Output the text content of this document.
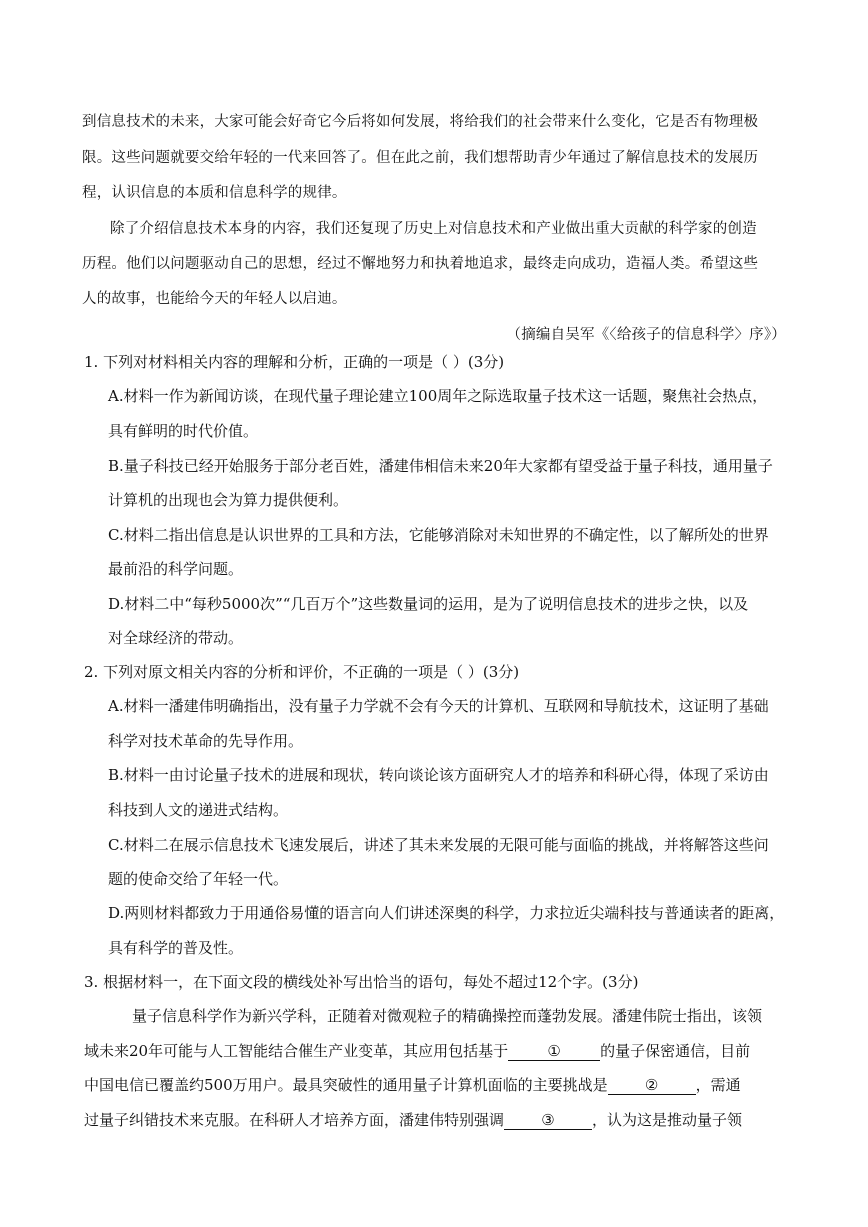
到信息技术的未来，大家可能会好奇它今后将如何发展，将给我们的社会带来什么变化，它是否有物理极
限。这些问题就要交给年轻的一代来回答了。但在此之前，我们想帮助青少年通过了解信息技术的发展历
程，认识信息的本质和信息科学的规律。
除了介绍信息技术本身的内容，我们还复现了历史上对信息技术和产业做出重大贡献的科学家的创造
历程。他们以问题驱动自己的思想，经过不懈地努力和执着地追求，最终走向成功，造福人类。希望这些
人的故事，也能给今天的年轻人以启迪。
（摘编自吴军《〈给孩子的信息科学〉序》）
1. 下列对材料相关内容的理解和分析，正确的一项是（ ）(3分)
A.材料一作为新闻访谈，在现代量子理论建立100周年之际选取量子技术这一话题，聚焦社会热点，
具有鲜明的时代价值。
B.量子科技已经开始服务于部分老百姓，潘建伟相信未来20年大家都有望受益于量子科技，通用量子
计算机的出现也会为算力提供便利。
C.材料二指出信息是认识世界的工具和方法，它能够消除对未知世界的不确定性，以了解所处的世界
最前沿的科学问题。
D.材料二中“每秒5000次”“几百万个”这些数量词的运用，是为了说明信息技术的进步之快，以及
对全球经济的带动。
2. 下列对原文相关内容的分析和评价，不正确的一项是（ ）(3分)
A.材料一潘建伟明确指出，没有量子力学就不会有今天的计算机、互联网和导航技术，这证明了基础
科学对技术革命的先导作用。
B.材料一由讨论量子技术的进展和现状，转向谈论该方面研究人才的培养和科研心得，体现了采访由
科技到人文的递进式结构。
C.材料二在展示信息技术飞速发展后，讲述了其未来发展的无限可能与面临的挑战，并将解答这些问
题的使命交给了年轻一代。
D.两则材料都致力于用通俗易懂的语言向人们讲述深奥的科学，力求拉近尖端科技与普通读者的距离，
具有科学的普及性。
3. 根据材料一，在下面文段的横线处补写出恰当的语句，每处不超过12个字。(3分)
量子信息科学作为新兴学科，正随着对微观粒子的精确操控而蓬勃发展。潘建伟院士指出，该领
域未来20年可能与人工智能结合催生产业变革，其应用包括基于	①	的量子保密通信，目前
中国电信已覆盖约500万用户。最具突破性的通用量子计算机面临的主要挑战是 ② ，需通
过量子纠错技术来克服。在科研人才培养方面，潘建伟特别强调 ③ ，认为这是推动量子领
